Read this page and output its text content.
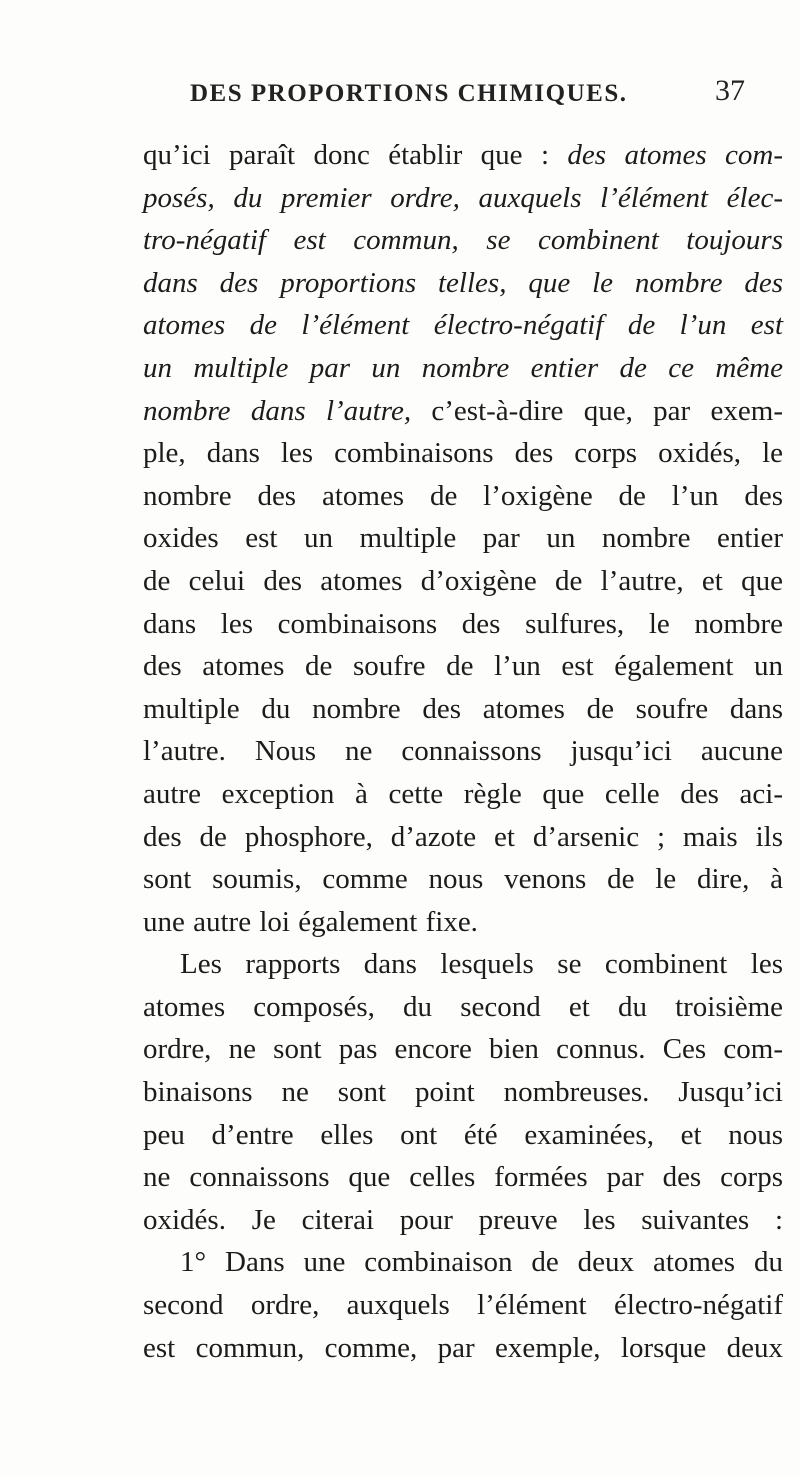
DES PROPORTIONS CHIMIQUES.	37
qu’ici paraît donc établir que : des atomes com-
posés, du premier ordre, auxquels l’élément élec-
tro-négatif est commun, se combinent toujours
dans des proportions telles, que le nombre des
atomes de l’élément électro-négatif de l’un est
un multiple par un nombre entier de ce même
nombre dans l’autre, c’est-à-dire que, par exem-
ple, dans les combinaisons des corps oxidés, le
nombre des atomes de l’oxigène de l’un des
oxides est un multiple par un nombre entier
de celui des atomes d’oxigène de l’autre, et que
dans les combinaisons des sulfures, le nombre
des atomes de soufre de l’un est également un
multiple du nombre des atomes de soufre dans
l’autre. Nous ne connaissons jusqu’ici aucune
autre exception à cette règle que celle des aci-
des de phosphore, d’azote et d’arsenic ; mais ils
sont soumis, comme nous venons de le dire, à
une autre loi également fixe.
Les rapports dans lesquels se combinent les
atomes composés, du second et du troisième
ordre, ne sont pas encore bien connus. Ces com-
binaisons ne sont point nombreuses. Jusqu’ici
peu d’entre elles ont été examinées, et nous
ne connaissons que celles formées par des corps
oxidés. Je citerai pour preuve les suivantes :
1° Dans une combinaison de deux atomes du
second ordre, auxquels l’élément électro-négatif
est commun, comme, par exemple, lorsque deux
